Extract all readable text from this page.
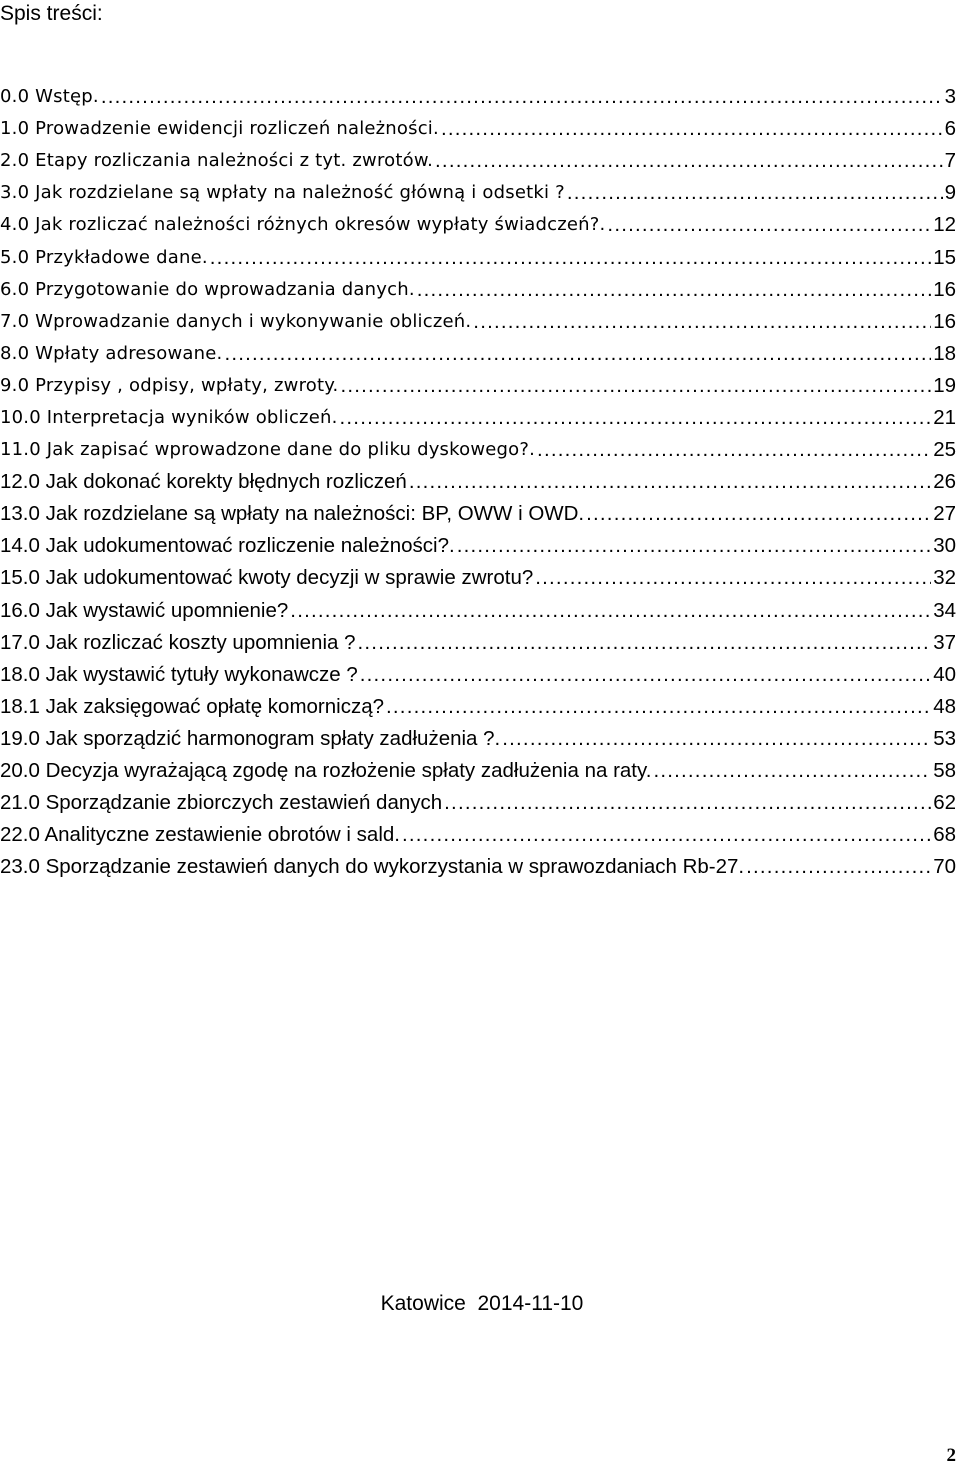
Spis treści:
0.0 Wstęp. .....	3
1.0 Prowadzenie ewidencji rozliczeń należności. .....	6
2.0 Etapy rozliczania należności z tyt. zwrotów. .....	7
3.0 Jak rozdzielane są wpłaty na należność główną i odsetki ? .....	9
4.0 Jak rozliczać należności różnych okresów wypłaty świadczeń?. .....	12
5.0 Przykładowe dane. .....	15
6.0 Przygotowanie do wprowadzania danych. .....	16
7.0 Wprowadzanie danych i wykonywanie obliczeń. .....	16
8.0 Wpłaty adresowane. .....	18
9.0 Przypisy , odpisy, wpłaty, zwroty. .....	19
10.0 Interpretacja wyników obliczeń. .....	21
11.0 Jak zapisać wprowadzone dane do pliku dyskowego?. .....	25
12.0 Jak dokonać korekty błędnych rozliczeń .....	26
13.0 Jak rozdzielane są wpłaty na należności: BP, OWW i OWD. .....	27
14.0 Jak udokumentować rozliczenie należności?. .....	30
15.0 Jak udokumentować kwoty decyzji w sprawie zwrotu? .....	32
16.0 Jak wystawić upomnienie? .....	34
17.0 Jak rozliczać koszty upomnienia ? .....	37
18.0 Jak wystawić tytuły wykonawcze ? .....	40
18.1 Jak zaksięgować opłatę komorniczą? .....	48
19.0 Jak sporządzić harmonogram spłaty zadłużenia ?. .....	53
20.0 Decyzja wyrażającą zgodę na rozłożenie spłaty zadłużenia na raty. .....	58
21.0 Sporządzanie zbiorczych zestawień danych .....	62
22.0 Analityczne zestawienie obrotów i sald. .....	68
23.0 Sporządzanie zestawień danych do wykorzystania w sprawozdaniach Rb-27. .....	70
Katowice  2014-11-10
2
